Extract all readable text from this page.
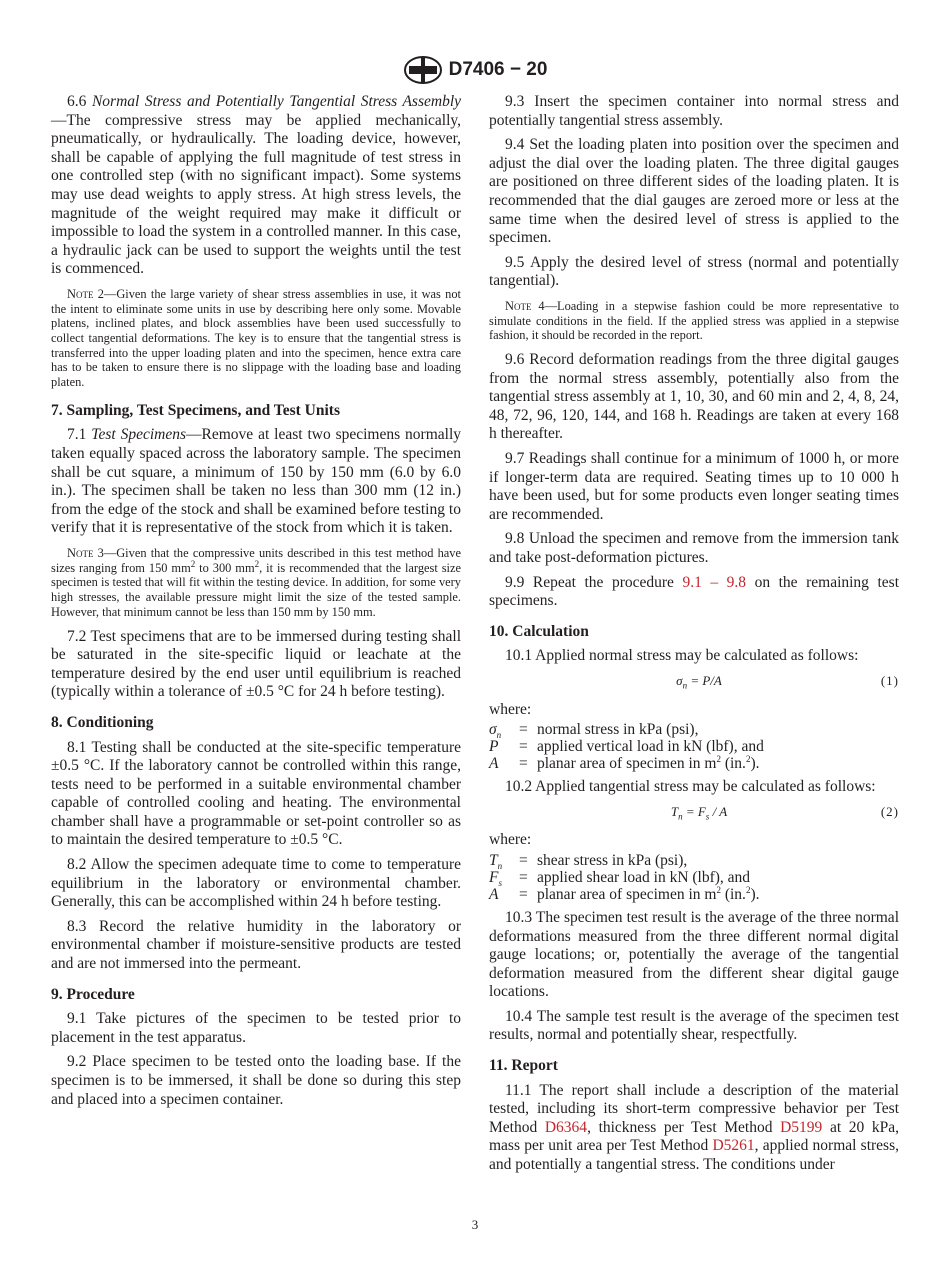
D7406 − 20

6.6 Normal Stress and Potentially Tangential Stress Assembly—The compressive stress may be applied mechanically, pneumatically, or hydraulically. The loading device, however, shall be capable of applying the full magnitude of test stress in one controlled step (with no significant impact). Some systems may use dead weights to apply stress. At high stress levels, the magnitude of the weight required may make it difficult or impossible to load the system in a controlled manner. In this case, a hydraulic jack can be used to support the weights until the test is commenced.

Note 2—Given the large variety of shear stress assemblies in use, it was not the intent to eliminate some units in use by describing here only some. Movable platens, inclined plates, and block assemblies have been used successfully to collect tangential deformations. The key is to ensure that the tangential stress is transferred into the upper loading platen and into the specimen, hence extra care has to be taken to ensure there is no slippage with the loading base and loading platen.

7. Sampling, Test Specimens, and Test Units

7.1 Test Specimens—Remove at least two specimens normally taken equally spaced across the laboratory sample. The specimen shall be cut square, a minimum of 150 by 150 mm (6.0 by 6.0 in.). The specimen shall be taken no less than 300 mm (12 in.) from the edge of the stock and shall be examined before testing to verify that it is representative of the stock from which it is taken.

Note 3—Given that the compressive units described in this test method have sizes ranging from 150 $mm^2$ to 300 $mm^2$, it is recommended that the largest size specimen is tested that will fit within the testing device. In addition, for some very high stresses, the available pressure might limit the size of the tested sample. However, that minimum cannot be less than 150 mm by 150 mm.

7.2 Test specimens that are to be immersed during testing shall be saturated in the site-specific liquid or leachate at the temperature desired by the end user until equilibrium is reached (typically within a tolerance of ±0.5 °C for 24 h before testing).

8. Conditioning

8.1 Testing shall be conducted at the site-specific temperature ±0.5 °C. If the laboratory cannot be controlled within this range, tests need to be performed in a suitable environmental chamber capable of controlled cooling and heating. The environmental chamber shall have a programmable or set-point controller so as to maintain the desired temperature to ±0.5 °C.

8.2 Allow the specimen adequate time to come to temperature equilibrium in the laboratory or environmental chamber. Generally, this can be accomplished within 24 h before testing.

8.3 Record the relative humidity in the laboratory or environmental chamber if moisture-sensitive products are tested and are not immersed into the permeant.

9. Procedure

9.1 Take pictures of the specimen to be tested prior to placement in the test apparatus.

9.2 Place specimen to be tested onto the loading base. If the specimen is to be immersed, it shall be done so during this step and placed into a specimen container.

9.3 Insert the specimen container into normal stress and potentially tangential stress assembly.

9.4 Set the loading platen into position over the specimen and adjust the dial over the loading platen. The three digital gauges are positioned on three different sides of the loading platen. It is recommended that the dial gauges are zeroed more or less at the same time when the desired level of stress is applied to the specimen.

9.5 Apply the desired level of stress (normal and potentially tangential).

Note 4—Loading in a stepwise fashion could be more representative to simulate conditions in the field. If the applied stress was applied in a stepwise fashion, it should be recorded in the report.

9.6 Record deformation readings from the three digital gauges from the normal stress assembly, potentially also from the tangential stress assembly at 1, 10, 30, and 60 min and 2, 4, 8, 24, 48, 72, 96, 120, 144, and 168 h. Readings are taken at every 168 h thereafter.

9.7 Readings shall continue for a minimum of 1000 h, or more if longer-term data are required. Seating times up to 10 000 h have been used, but for some products even longer seating times are recommended.

9.8 Unload the specimen and remove from the immersion tank and take post-deformation pictures.

9.9 Repeat the procedure 9.1 – 9.8 on the remaining test specimens.

10. Calculation

10.1 Applied normal stress may be calculated as follows:

$\sigma_n = P/A$	(1)
where:
$\sigma_n$	= normal stress in kPa (psi),
P	= applied vertical load in kN (lbf), and
A	= planar area of specimen in $m^2$ (in.$^2$).

10.2 Applied tangential stress may be calculated as follows:

$T_n = F_s / A$	(2)
where:
$T_n$	= shear stress in kPa (psi),
$F_s$	= applied shear load in kN (lbf), and
A	= planar area of specimen in $m^2$ (in.$^2$).

10.3 The specimen test result is the average of the three normal deformations measured from the three different normal digital gauge locations; or, potentially the average of the tangential deformation measured from the different shear digital gauge locations.

10.4 The sample test result is the average of the specimen test results, normal and potentially shear, respectfully.

11. Report

11.1 The report shall include a description of the material tested, including its short-term compressive behavior per Test Method D6364, thickness per Test Method D5199 at 20 kPa, mass per unit area per Test Method D5261, applied normal stress, and potentially a tangential stress. The conditions under

3
